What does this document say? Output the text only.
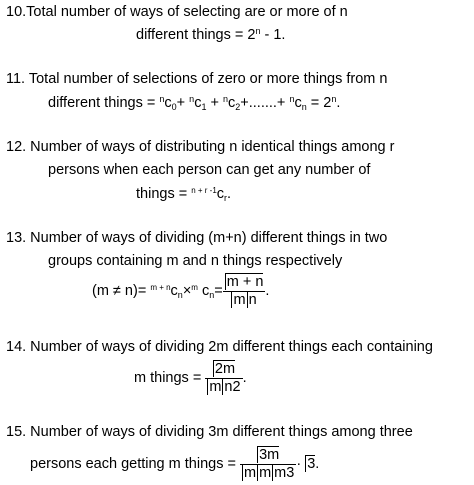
10.Total number of ways of selecting are or more of n
different things = $2^n - 1$.
11. Total number of selections of zero or more things from n
different things = $^nc_0+ ^nc_1 + ^nc_2+.......+ ^nc_n = 2^n$.
12. Number of ways of distributing n identical things among r
persons when each person can get any number of
things = $^{n + r -1}c_r$.
13. Number of ways of dividing (m+n) different things in two
groups containing m and n things respectively
$(m \ne n)= ^{m + n}c_n\times^m$ $c_n= \frac{m + n}{\text{m n}}$ .
14. Number of ways of dividing 2m different things each containing
m things = $\frac{2m}{\text{m n2}}$ .
15. Number of ways of dividing 3m different things among three
persons each getting m things = $\frac{3m}{\text{m m m3}} \cdot 3$.
